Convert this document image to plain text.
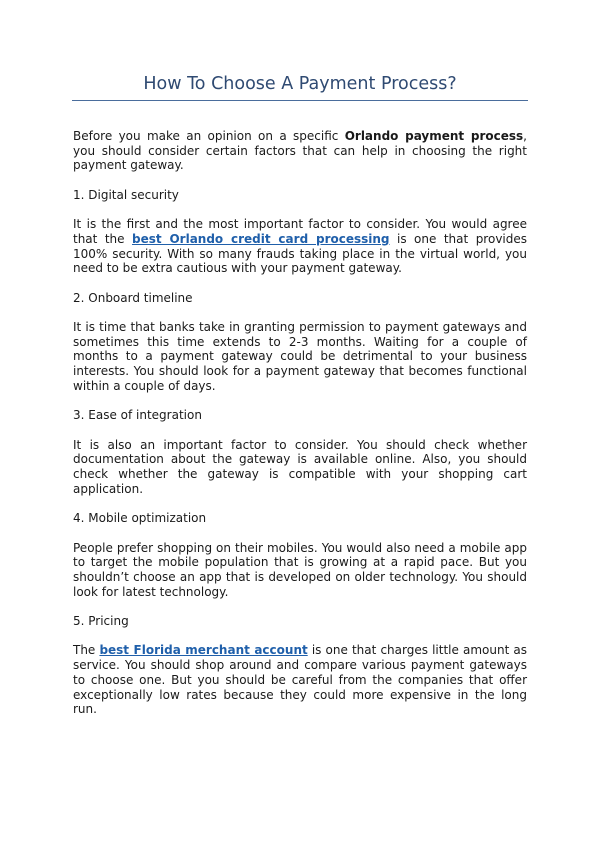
How To Choose A Payment Process?

Before you make an opinion on a specific Orlando payment process, you should consider certain factors that can help in choosing the right payment gateway.

1. Digital security

It is the first and the most important factor to consider. You would agree that the best Orlando credit card processing is one that provides 100% security. With so many frauds taking place in the virtual world, you need to be extra cautious with your payment gateway.

2. Onboard timeline

It is time that banks take in granting permission to payment gateways and sometimes this time extends to 2-3 months. Waiting for a couple of months to a payment gateway could be detrimental to your business interests. You should look for a payment gateway that becomes functional within a couple of days.

3. Ease of integration

It is also an important factor to consider. You should check whether documentation about the gateway is available online. Also, you should check whether the gateway is compatible with your shopping cart application.

4. Mobile optimization

People prefer shopping on their mobiles. You would also need a mobile app to target the mobile population that is growing at a rapid pace. But you shouldn’t choose an app that is developed on older technology. You should look for latest technology.

5. Pricing

The best Florida merchant account is one that charges little amount as service. You should shop around and compare various payment gateways to choose one. But you should be careful from the companies that offer exceptionally low rates because they could more expensive in the long run.
